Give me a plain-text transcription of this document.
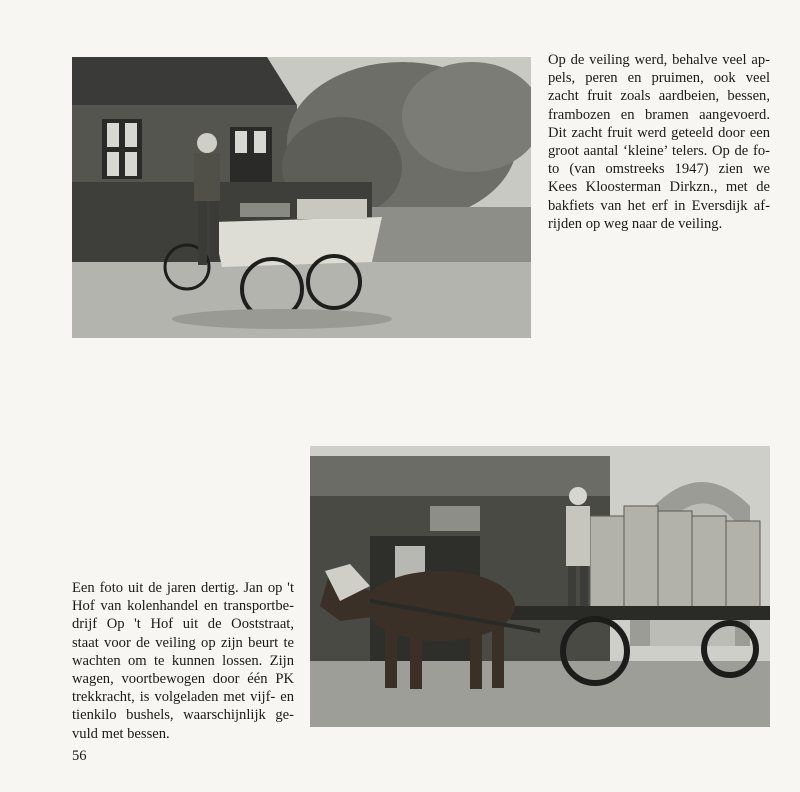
Op de veiling werd, behalve veel ap-
pels, peren en pruimen, ook veel
zacht fruit zoals aardbeien, bessen,
frambozen en bramen aangevoerd.
Dit zacht fruit werd geteeld door een
groot aantal ‘kleine’ telers. Op de fo-
to (van omstreeks 1947) zien we
Kees Kloosterman Dirkzn., met de
bakfiets van het erf in Eversdijk af-
rijden op weg naar de veiling.

Een foto uit de jaren dertig. Jan op 't
Hof van kolenhandel en transportbe-
drijf Op 't Hof uit de Ooststraat,
staat voor de veiling op zijn beurt te
wachten om te kunnen lossen. Zijn
wagen, voortbewogen door één PK
trekkracht, is volgeladen met vijf- en
tienkilo bushels, waarschijnlijk ge-
vuld met bessen.

56
